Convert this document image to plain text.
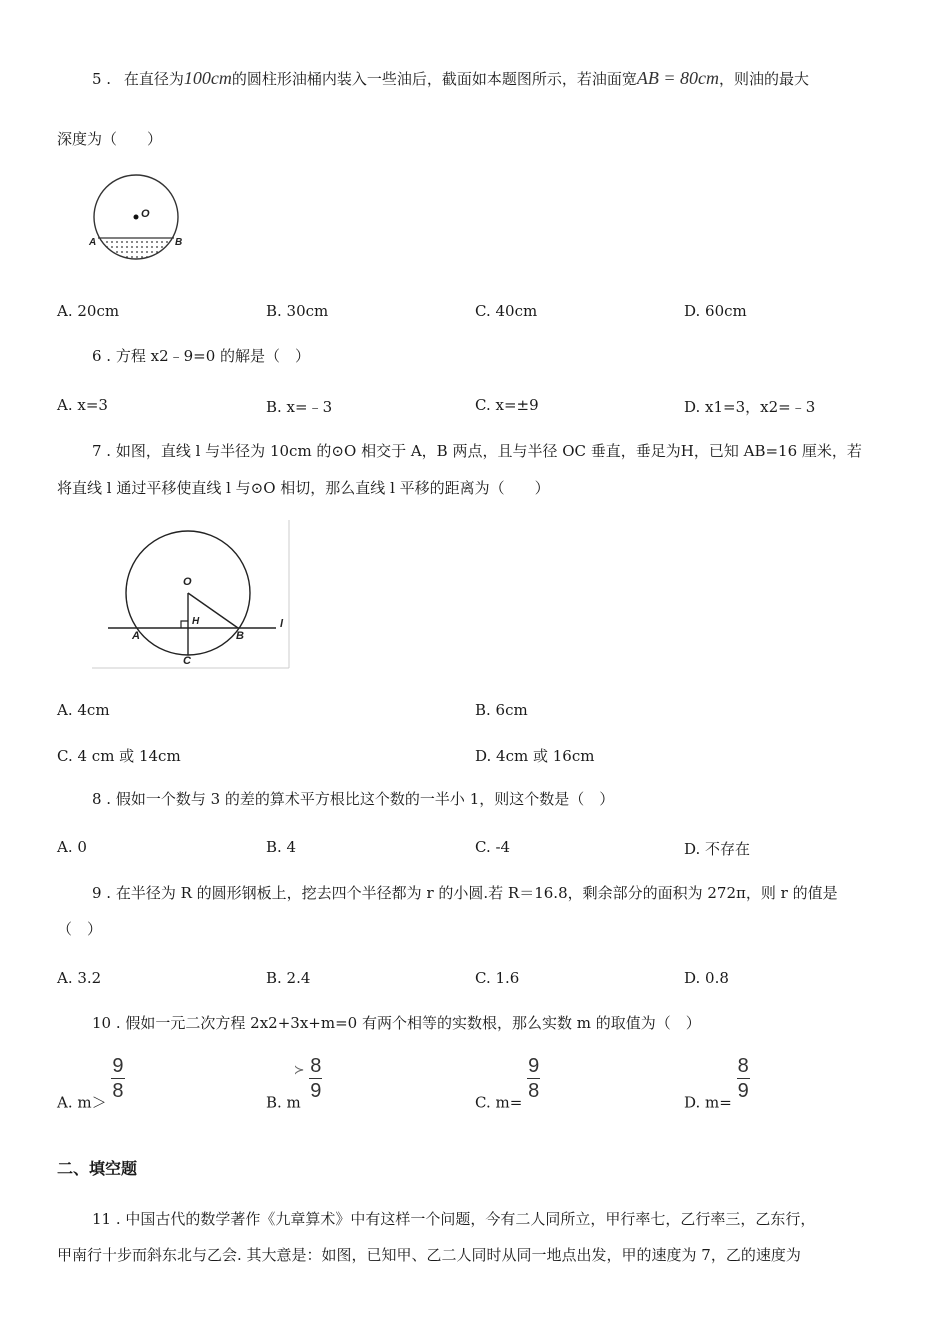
5 . 在直径为100cm的圆柱形油桶内装入一些油后，截面如本题图所示，若油面宽AB = 80cm，则油的最大
深度为（　　）
O
A	B
A. 20cm	B. 30cm	C. 40cm	D. 60cm
6 . 方程 x2﹣9=0 的解是（　）
A. x=3	B. x=﹣3	C. x=±9	D. x1=3，x2=﹣3
7 . 如图，直线 l 与半径为 10cm 的⊙O 相交于 A，B 两点，且与半径 OC 垂直，垂足为H，已知 AB=16 厘米，若
将直线 l 通过平移使直线 l 与⊙O 相切，那么直线 l 平移的距离为（　　）
O
H
A	B
C
l
A. 4cm	B. 6cm
C. 4 cm 或 14cm	D. 4cm 或 16cm
8 . 假如一个数与 3 的差的算术平方根比这个数的一半小 1，则这个数是（　）
A. 0	B. 4	C. -4	D. 不存在
9 . 在半径为 R 的圆形钢板上，挖去四个半径都为 r 的小圆.若 R＝16.8，剩余部分的面积为 272π，则 r 的值是
（　）
A. 3.2	B. 2.4	C. 1.6	D. 0.8
10 . 假如一元二次方程 2x2+3x+m=0 有两个相等的实数根，那么实数 m 的取值为（　）
A. m＞
$\frac{9}{8}$
B. m ≻ $\frac{8}{9}$
C. m=
$\frac{9}{8}$
D. m=
$\frac{8}{9}$
二、填空题
11 . 中国古代的数学著作《九章算术》中有这样一个问题，今有二人同所立，甲行率七，乙行率三，乙东行，
甲南行十步而斜东北与乙会. 其大意是：如图，已知甲、乙二人同时从同一地点出发，甲的速度为 7，乙的速度为
